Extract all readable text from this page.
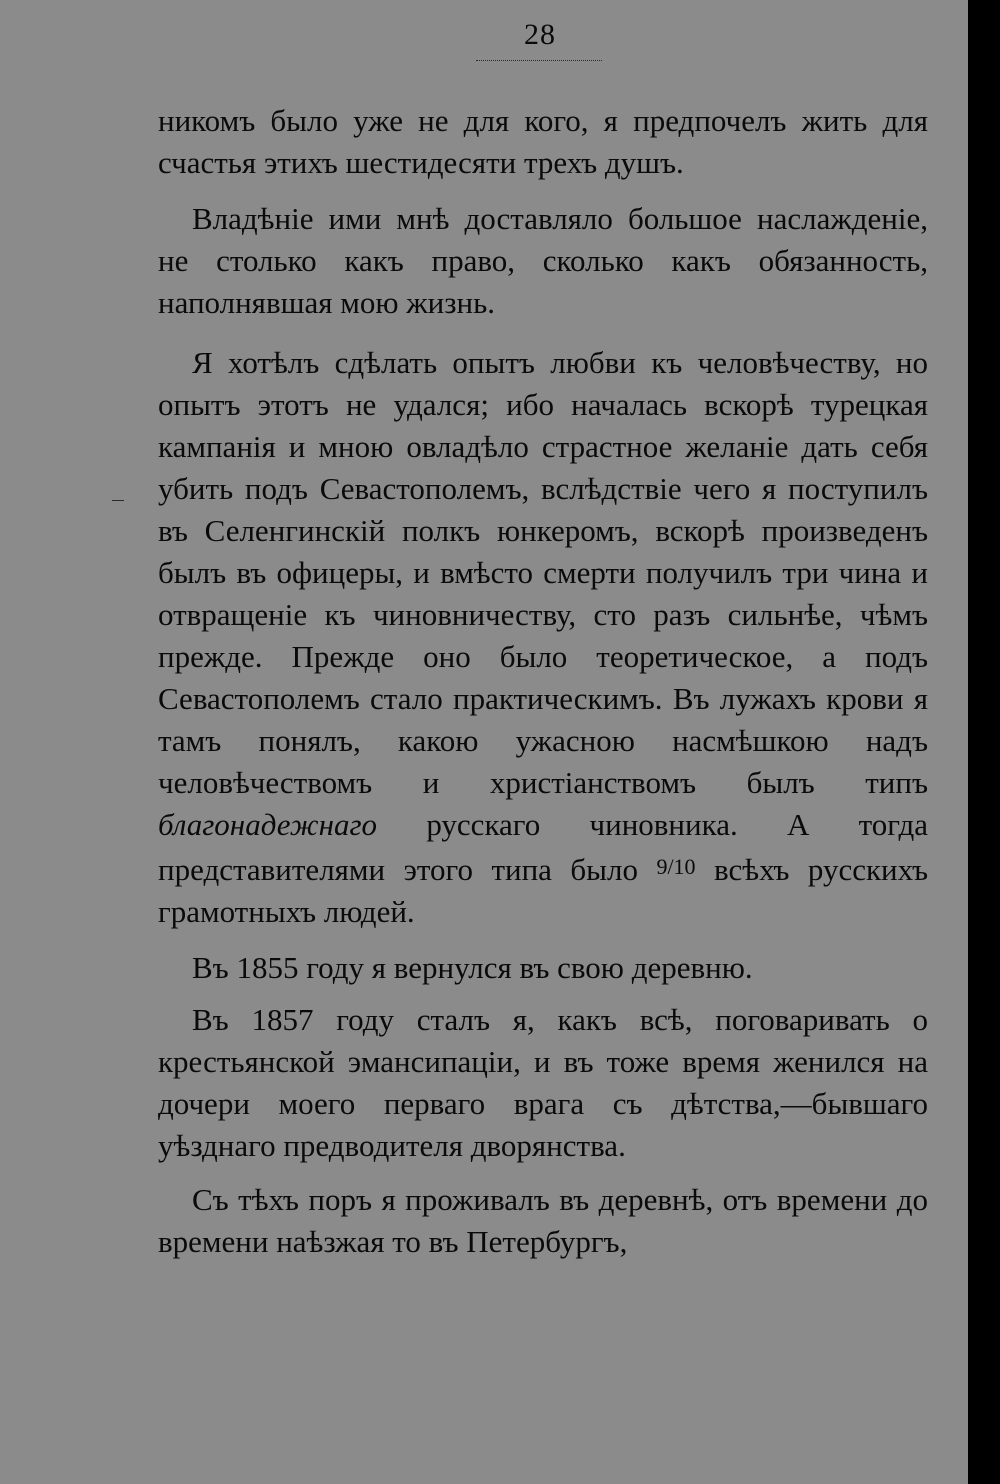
28

никомъ было уже не для кого, я предпочелъ жить для счастья этихъ шестидесяти трехъ душъ.

Владѣніе ими мнѣ доставляло большое наслажденіе, не столько какъ право, сколько какъ обязанность, наполнявшая мою жизнь.

Я хотѣлъ сдѣлать опытъ любви къ человѣчеству, но опытъ этотъ не удался; ибо началась вскорѣ турецкая кампанія и мною овладѣло страстное желаніе дать себя убить подъ Севастополемъ, вслѣдствіе чего я поступилъ въ Селенгинскій полкъ юнкеромъ, вскорѣ произведенъ былъ въ офицеры, и вмѣсто смерти получилъ три чина и отвращеніе къ чиновничеству, сто разъ сильнѣе, чѣмъ прежде. Прежде оно было теоретическое, а подъ Севастополемъ стало практическимъ. Въ лужахъ крови я тамъ понялъ, какою ужасною насмѣшкою надъ человѣчествомъ и христіанствомъ былъ типъ благонадежнаго русскаго чиновника. А тогда представителями этого типа было 9/10 всѣхъ русскихъ грамотныхъ людей.

Въ 1855 году я вернулся въ свою деревню.

Въ 1857 году сталъ я, какъ всѣ, поговаривать о крестьянской эмансипаціи, и въ тоже время женился на дочери моего перваго врага съ дѣтства,—бывшаго уѣзднаго предводителя дворянства.

Съ тѣхъ поръ я проживалъ въ деревнѣ, отъ времени до времени наѣзжая то въ Петербургъ,
